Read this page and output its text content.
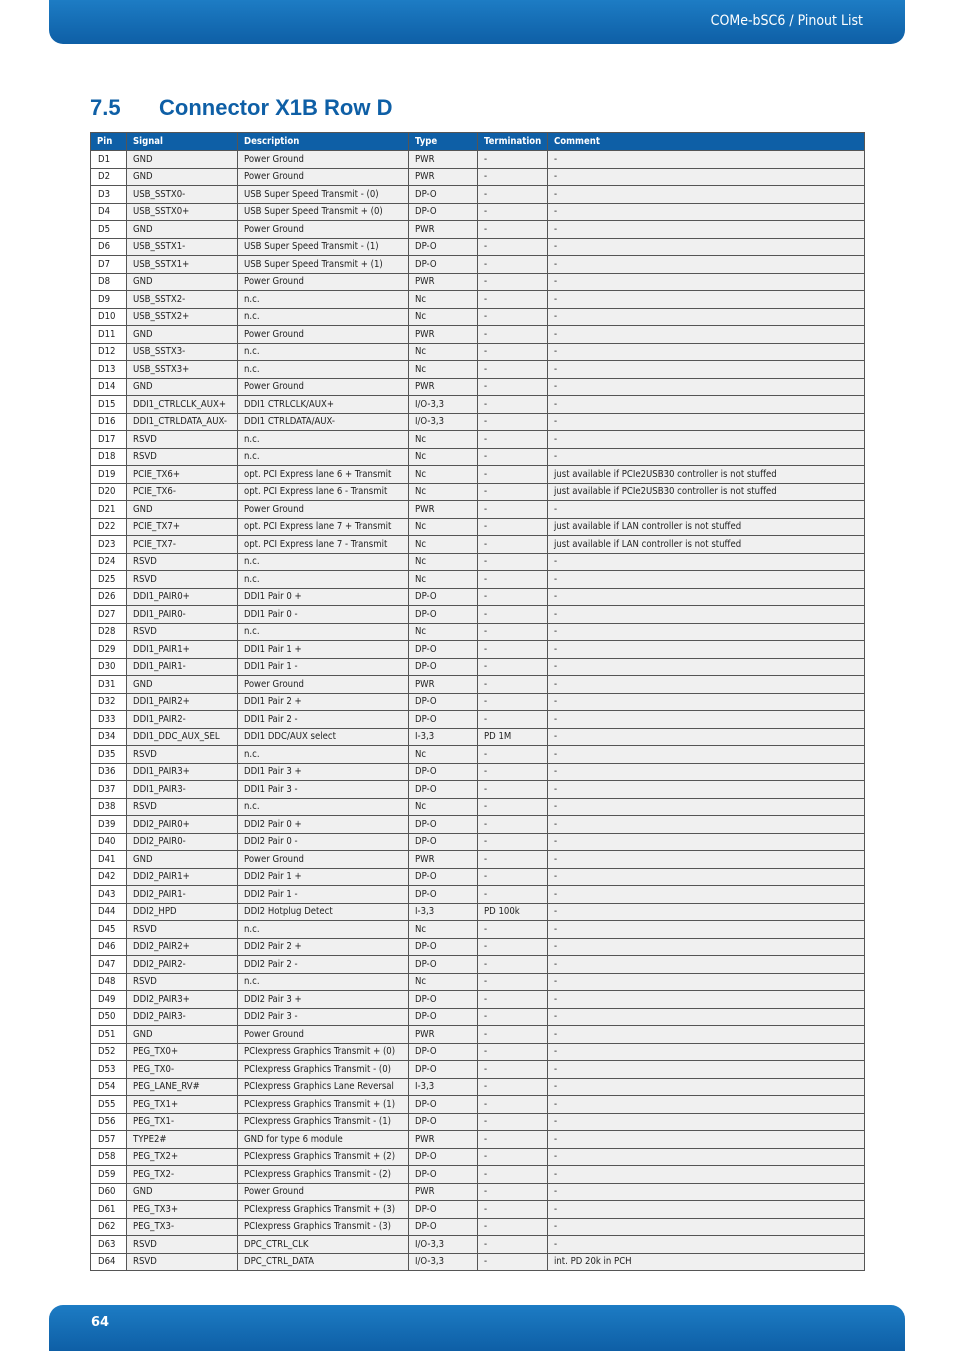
COMe-bSC6 / Pinout List
7.5 Connector X1B Row D
Pin	Signal	Description	Type	Termination	Comment
D1	GND	Power Ground	PWR	-	-
D2	GND	Power Ground	PWR	-	-
D3	USB_SSTX0-	USB Super Speed Transmit - (0)	DP-O	-	-
D4	USB_SSTX0+	USB Super Speed Transmit + (0)	DP-O	-	-
D5	GND	Power Ground	PWR	-	-
D6	USB_SSTX1-	USB Super Speed Transmit - (1)	DP-O	-	-
D7	USB_SSTX1+	USB Super Speed Transmit + (1)	DP-O	-	-
D8	GND	Power Ground	PWR	-	-
D9	USB_SSTX2-	n.c.	Nc	-	-
D10	USB_SSTX2+	n.c.	Nc	-	-
D11	GND	Power Ground	PWR	-	-
D12	USB_SSTX3-	n.c.	Nc	-	-
D13	USB_SSTX3+	n.c.	Nc	-	-
D14	GND	Power Ground	PWR	-	-
D15	DDI1_CTRLCLK_AUX+	DDI1 CTRLCLK/AUX+	I/O-3,3	-	-
D16	DDI1_CTRLDATA_AUX-	DDI1 CTRLDATA/AUX-	I/O-3,3	-	-
D17	RSVD	n.c.	Nc	-	-
D18	RSVD	n.c.	Nc	-	-
D19	PCIE_TX6+	opt. PCI Express lane 6 + Transmit	Nc	-	just available if PCIe2USB30 controller is not stuffed
D20	PCIE_TX6-	opt. PCI Express lane 6 - Transmit	Nc	-	just available if PCIe2USB30 controller is not stuffed
D21	GND	Power Ground	PWR	-	-
D22	PCIE_TX7+	opt. PCI Express lane 7 + Transmit	Nc	-	just available if LAN controller is not stuffed
D23	PCIE_TX7-	opt. PCI Express lane 7 - Transmit	Nc	-	just available if LAN controller is not stuffed
D24	RSVD	n.c.	Nc	-	-
D25	RSVD	n.c.	Nc	-	-
D26	DDI1_PAIR0+	DDI1 Pair 0 +	DP-O	-	-
D27	DDI1_PAIR0-	DDI1 Pair 0 -	DP-O	-	-
D28	RSVD	n.c.	Nc	-	-
D29	DDI1_PAIR1+	DDI1 Pair 1 +	DP-O	-	-
D30	DDI1_PAIR1-	DDI1 Pair 1 -	DP-O	-	-
D31	GND	Power Ground	PWR	-	-
D32	DDI1_PAIR2+	DDI1 Pair 2 +	DP-O	-	-
D33	DDI1_PAIR2-	DDI1 Pair 2 -	DP-O	-	-
D34	DDI1_DDC_AUX_SEL	DDI1 DDC/AUX select	I-3,3	PD 1M	-
D35	RSVD	n.c.	Nc	-	-
D36	DDI1_PAIR3+	DDI1 Pair 3 +	DP-O	-	-
D37	DDI1_PAIR3-	DDI1 Pair 3 -	DP-O	-	-
D38	RSVD	n.c.	Nc	-	-
D39	DDI2_PAIR0+	DDI2 Pair 0 +	DP-O	-	-
D40	DDI2_PAIR0-	DDI2 Pair 0 -	DP-O	-	-
D41	GND	Power Ground	PWR	-	-
D42	DDI2_PAIR1+	DDI2 Pair 1 +	DP-O	-	-
D43	DDI2_PAIR1-	DDI2 Pair 1 -	DP-O	-	-
D44	DDI2_HPD	DDI2 Hotplug Detect	I-3,3	PD 100k	-
D45	RSVD	n.c.	Nc	-	-
D46	DDI2_PAIR2+	DDI2 Pair 2 +	DP-O	-	-
D47	DDI2_PAIR2-	DDI2 Pair 2 -	DP-O	-	-
D48	RSVD	n.c.	Nc	-	-
D49	DDI2_PAIR3+	DDI2 Pair 3 +	DP-O	-	-
D50	DDI2_PAIR3-	DDI2 Pair 3 -	DP-O	-	-
D51	GND	Power Ground	PWR	-	-
D52	PEG_TX0+	PCIexpress Graphics Transmit + (0)	DP-O	-	-
D53	PEG_TX0-	PCIexpress Graphics Transmit - (0)	DP-O	-	-
D54	PEG_LANE_RV#	PCIexpress Graphics Lane Reversal	I-3,3	-	-
D55	PEG_TX1+	PCIexpress Graphics Transmit + (1)	DP-O	-	-
D56	PEG_TX1-	PCIexpress Graphics Transmit - (1)	DP-O	-	-
D57	TYPE2#	GND for type 6 module	PWR	-	-
D58	PEG_TX2+	PCIexpress Graphics Transmit + (2)	DP-O	-	-
D59	PEG_TX2-	PCIexpress Graphics Transmit - (2)	DP-O	-	-
D60	GND	Power Ground	PWR	-	-
D61	PEG_TX3+	PCIexpress Graphics Transmit + (3)	DP-O	-	-
D62	PEG_TX3-	PCIexpress Graphics Transmit - (3)	DP-O	-	-
D63	RSVD	DPC_CTRL_CLK	I/O-3,3	-	-
D64	RSVD	DPC_CTRL_DATA	I/O-3,3	-	int. PD 20k in PCH
64
